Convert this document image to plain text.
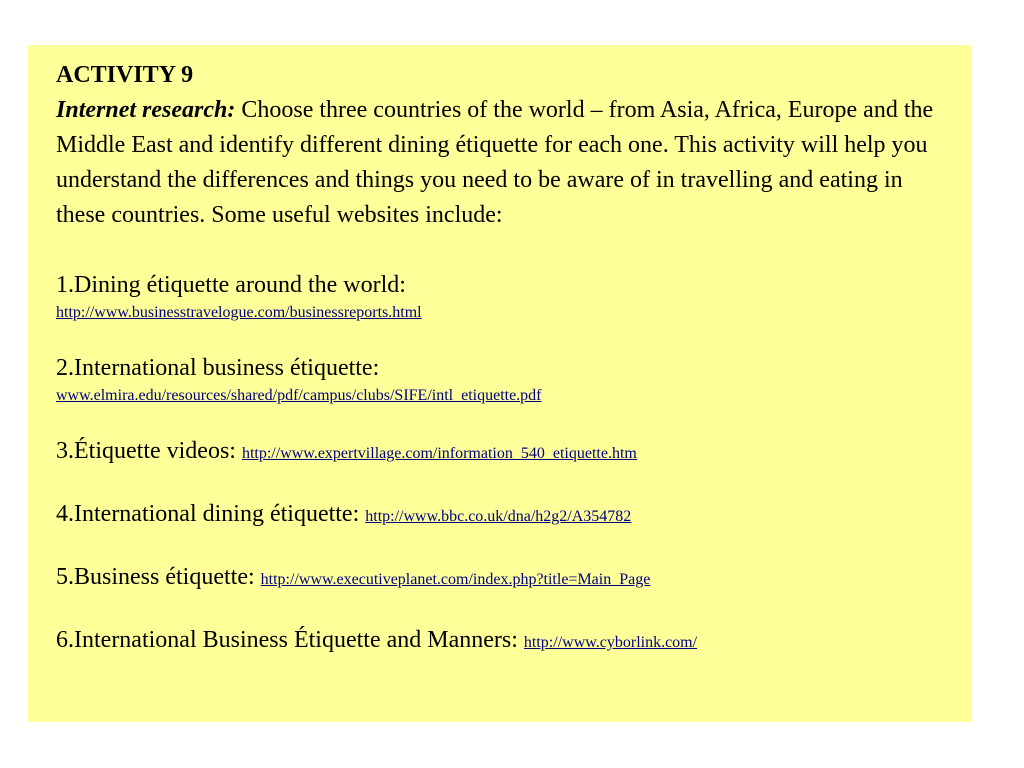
ACTIVITY 9
Internet research: Choose three countries of the world – from Asia, Africa, Europe and the Middle East and identify different dining étiquette for each one. This activity will help you understand the differences and things you need to be aware of in travelling and eating in these countries. Some useful websites include:
1.Dining étiquette around the world:
http://www.businesstravelogue.com/businessreports.html
2.International business étiquette:
www.elmira.edu/resources/shared/pdf/campus/clubs/SIFE/intl_etiquette.pdf
3.Étiquette videos: http://www.expertvillage.com/information_540_etiquette.htm
4.International dining étiquette: http://www.bbc.co.uk/dna/h2g2/A354782
5.Business étiquette: http://www.executiveplanet.com/index.php?title=Main_Page
6.International Business Étiquette and Manners: http://www.cyborlink.com/
